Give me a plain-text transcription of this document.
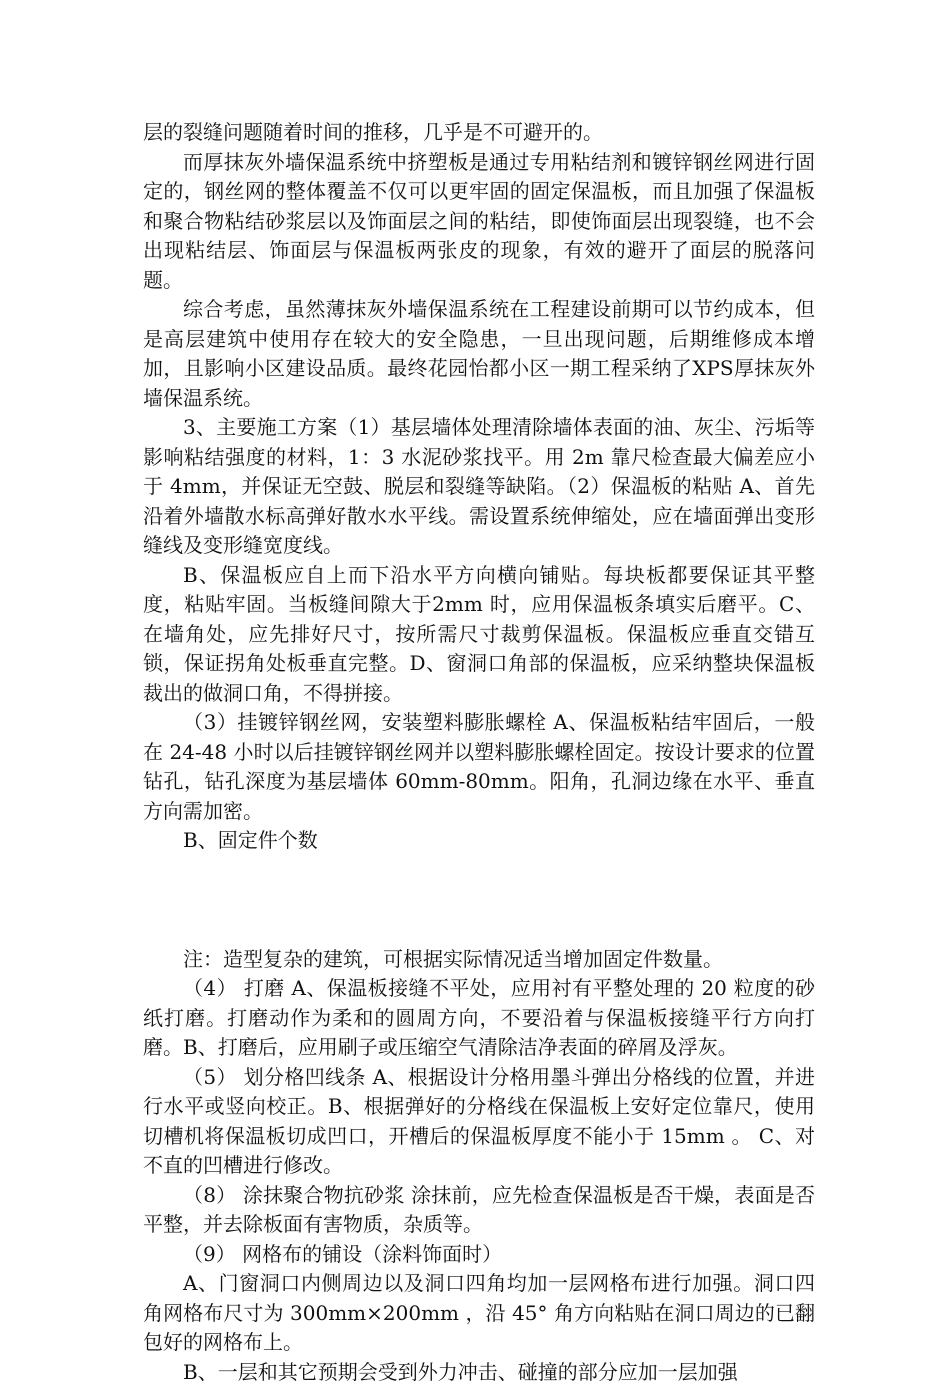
层的裂缝问题随着时间的推移，几乎是不可避开的。

而厚抹灰外墙保温系统中挤塑板是通过专用粘结剂和镀锌钢丝网进行固定的，钢丝网的整体覆盖不仅可以更牢固的固定保温板，而且加强了保温板和聚合物粘结砂浆层以及饰面层之间的粘结，即使饰面层出现裂缝，也不会出现粘结层、饰面层与保温板两张皮的现象，有效的避开了面层的脱落问题。

综合考虑，虽然薄抹灰外墙保温系统在工程建设前期可以节约成本，但是高层建筑中使用存在较大的安全隐患，一旦出现问题，后期维修成本增加，且影响小区建设品质。最终花园怡都小区一期工程采纳了XPS厚抹灰外墙保温系统。

3、主要施工方案（1）基层墙体处理清除墙体表面的油、灰尘、污垢等影响粘结强度的材料，1：3 水泥砂浆找平。用 2m 靠尺检查最大偏差应小于 4mm，并保证无空鼓、脱层和裂缝等缺陷。（2）保温板的粘贴 A、首先沿着外墙散水标高弹好散水水平线。需设置系统伸缩处，应在墙面弹出变形缝线及变形缝宽度线。

B、保温板应自上而下沿水平方向横向铺贴。每块板都要保证其平整度，粘贴牢固。当板缝间隙大于2mm 时，应用保温板条填实后磨平。C、在墙角处，应先排好尺寸，按所需尺寸裁剪保温板。保温板应垂直交错互锁，保证拐角处板垂直完整。D、窗洞口角部的保温板，应采纳整块保温板裁出的做洞口角，不得拼接。

（3）挂镀锌钢丝网，安装塑料膨胀螺栓 A、保温板粘结牢固后，一般在 24-48 小时以后挂镀锌钢丝网并以塑料膨胀螺栓固定。按设计要求的位置钻孔，钻孔深度为基层墙体 60mm-80mm。阳角，孔洞边缘在水平、垂直方向需加密。

B、固定件个数

注：造型复杂的建筑，可根据实际情况适当增加固定件数量。

（4） 打磨 A、保温板接缝不平处，应用衬有平整处理的 20 粒度的砂纸打磨。打磨动作为柔和的圆周方向，不要沿着与保温板接缝平行方向打磨。B、打磨后，应用刷子或压缩空气清除洁净表面的碎屑及浮灰。

（5） 划分格凹线条 A、根据设计分格用墨斗弹出分格线的位置，并进行水平或竖向校正。B、根据弹好的分格线在保温板上安好定位靠尺，使用切槽机将保温板切成凹口，开槽后的保温板厚度不能小于 15mm 。 C、对不直的凹槽进行修改。

（8） 涂抹聚合物抗砂浆 涂抹前，应先检查保温板是否干燥，表面是否平整，并去除板面有害物质，杂质等。

（9） 网格布的铺设（涂料饰面时）

A、门窗洞口内侧周边以及洞口四角均加一层网格布进行加强。洞口四角网格布尺寸为 300mm×200mm ，沿 45° 角方向粘贴在洞口周边的已翻包好的网格布上。

B、一层和其它预期会受到外力冲击、碰撞的部分应加一层加强
